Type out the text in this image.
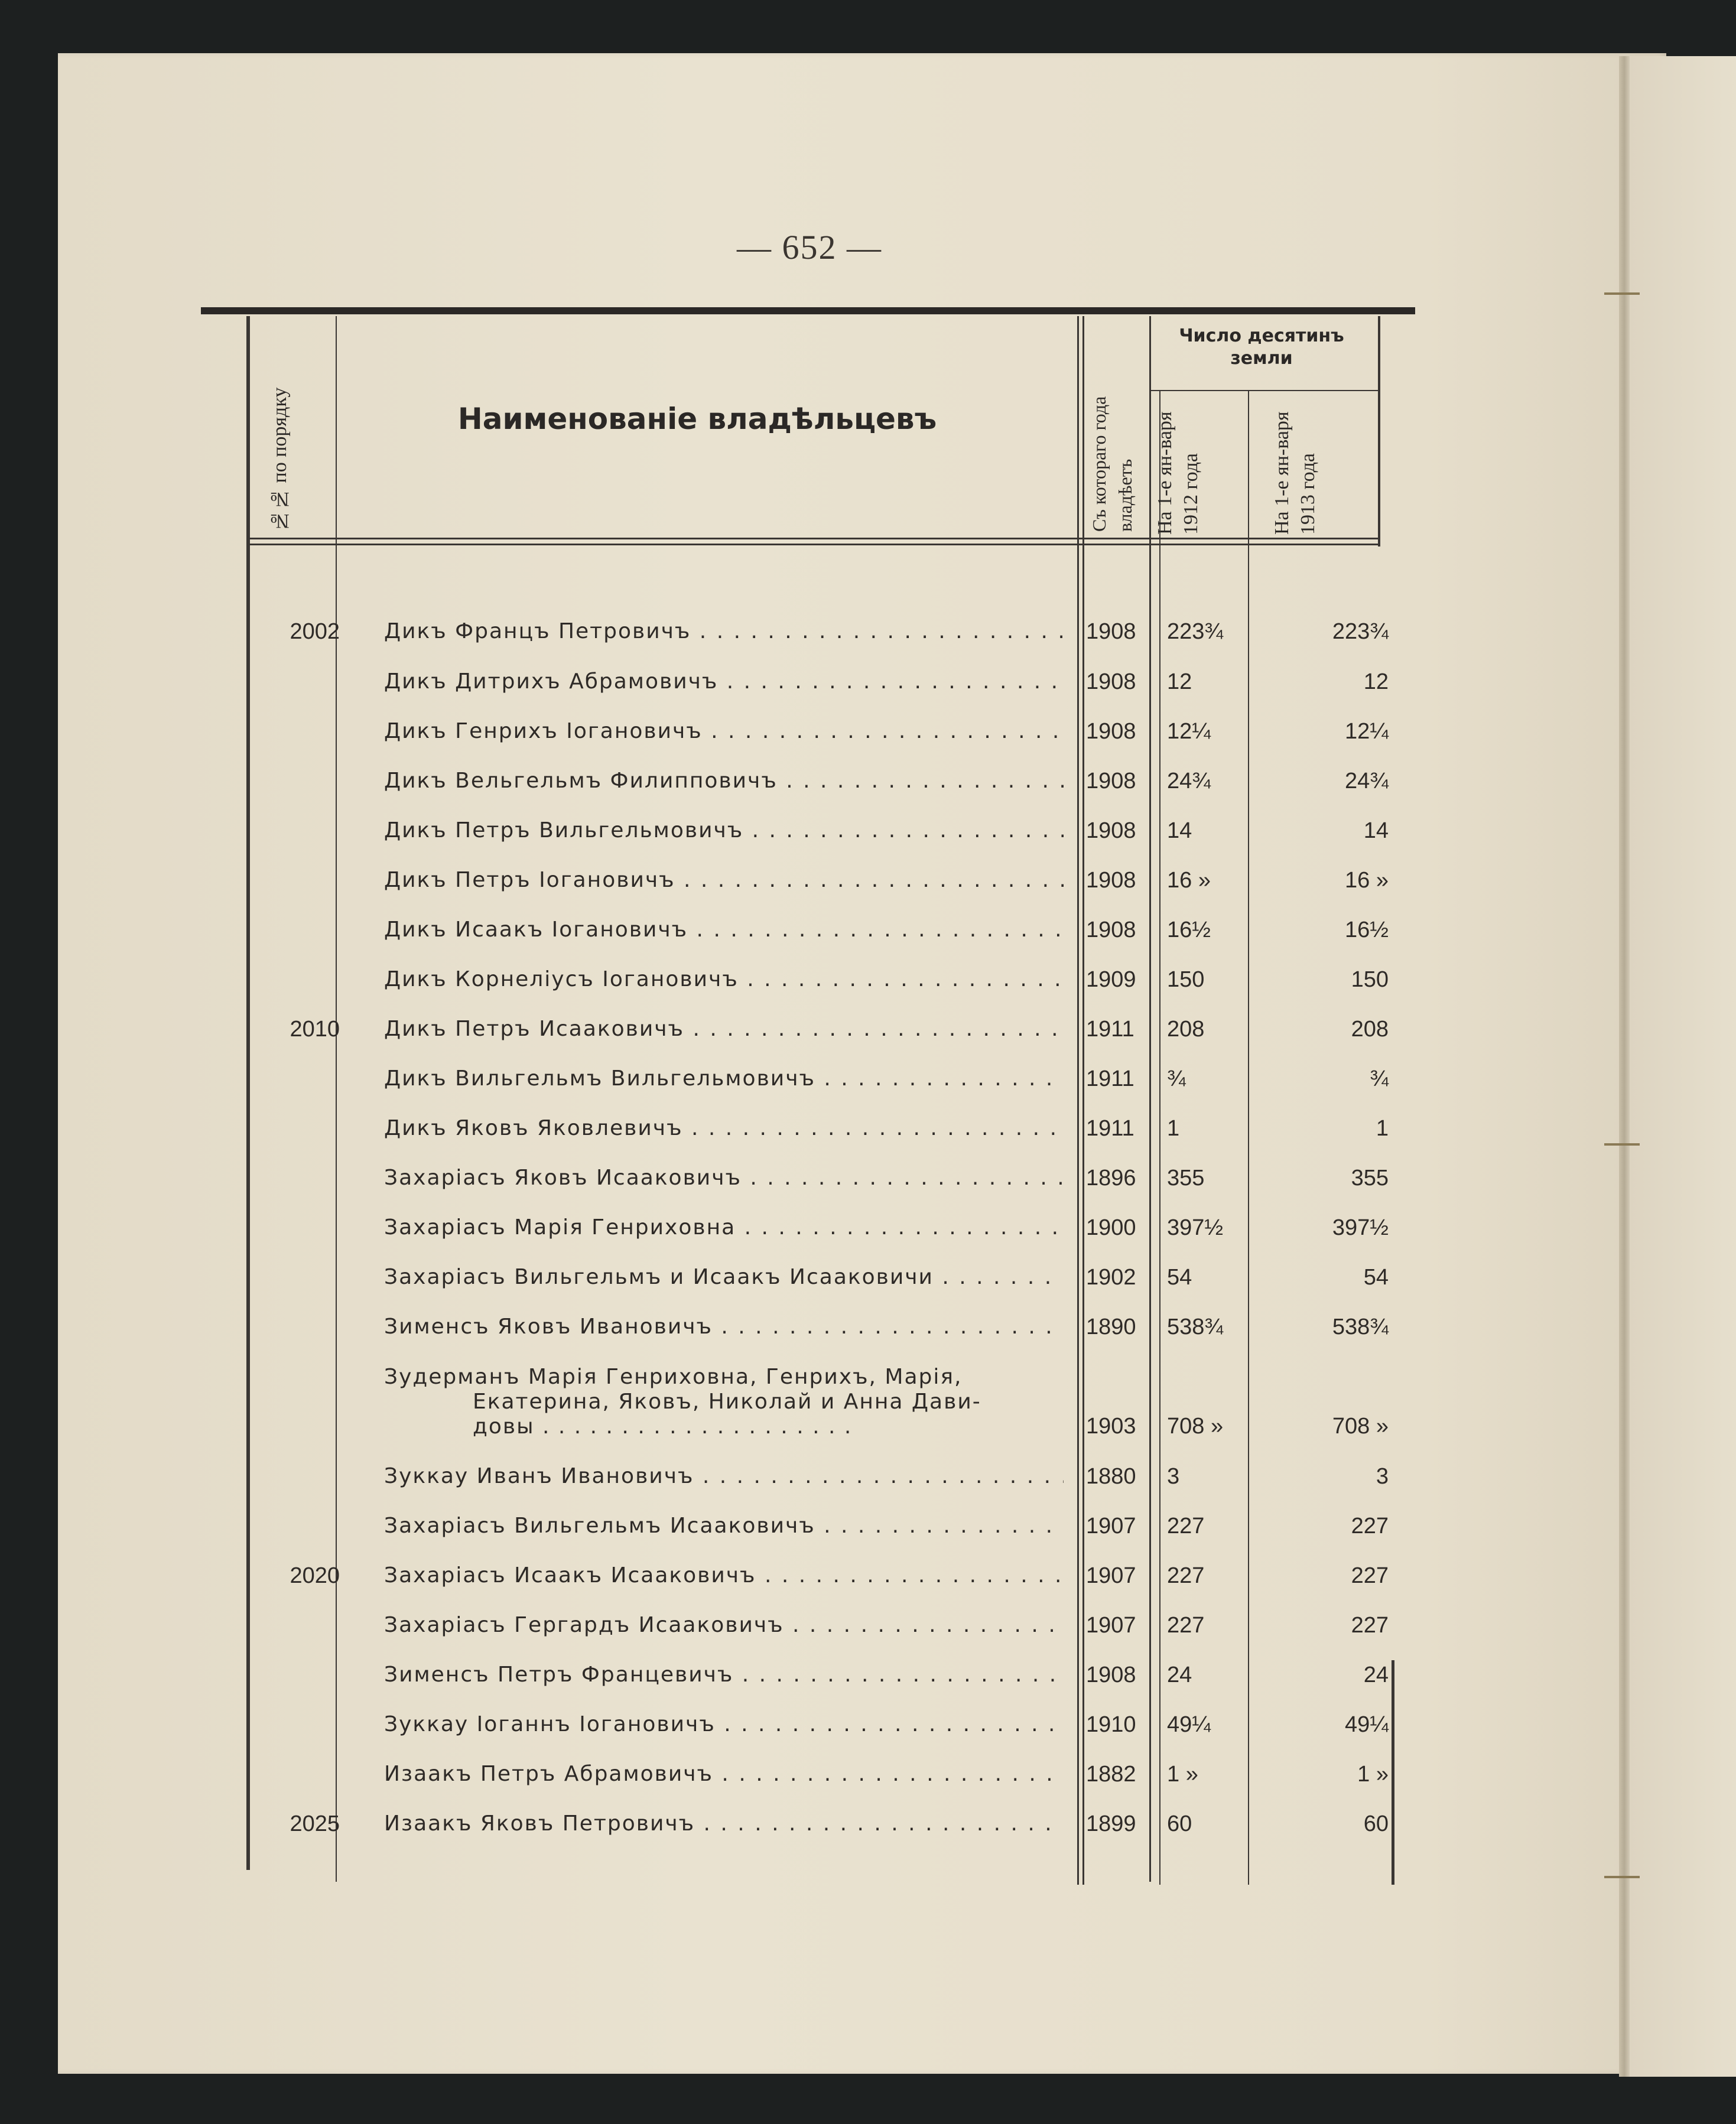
— 652 —
№№ по порядку	Наименованіе владѣльцевъ	Съ котораго года владѣетъ
Число десятинъ земли
На 1-е ян-варя 1912 года	На 1-е ян-варя 1913 года
2002 Дикъ Францъ Петровичъ . . .	1908	223¾	223¾
Дикъ Дитрихъ Абрамовичъ . . .	1908	12	12
Дикъ Генрихъ Іогановичъ . . .	1908	12¼	12¼
Дикъ Вельгельмъ Филипповичъ . . .	1908	24¾	24¾
Дикъ Петръ Вильгельмовичъ . . .	1908	14	14
Дикъ Петръ Іогановичъ . . .	1908	16 »	16 »
Дикъ Исаакъ Іогановичъ . . .	1908	16½	16½
Дикъ Корнеліусъ Іогановичъ . . .	1909	150	150
2010 Дикъ Петръ Исааковичъ . . .	1911	208	208
Дикъ Вильгельмъ Вильгельмовичъ . . .	1911	¾	¾
Дикъ Яковъ Яковлевичъ . . .	1911	1	1
Захаріасъ Яковъ Исааковичъ . . .	1896	355	355
Захаріасъ Марія Генриховна . . .	1900	397½	397½
Захаріасъ Вильгельмъ и Исаакъ Исааковичи . . .	1902	54	54
Зименсъ Яковъ Ивановичъ . . .	1890	538¾	538¾
Зудерманъ Марія Генриховна, Генрихъ, Марія,
Екатерина, Яковъ, Николай и Анна Дави-
довы . . . . . . . . . . . . . . . . . . . .	1903	708 »	708 »
Зуккау Иванъ Ивановичъ . . .	1880	3	3
Захаріасъ Вильгельмъ Исааковичъ . . .	1907	227	227
2020 Захаріасъ Исаакъ Исааковичъ . . .	1907	227	227
Захаріасъ Гергардъ Исааковичъ . . .	1907	227	227
Зименсъ Петръ Францевичъ . . .	1908	24	24
Зуккау Іоганнъ Іогановичъ . . .	1910	49¼	49¼
Изаакъ Петръ Абрамовичъ . . .	1882	1 »	1 »
2025 Изаакъ Яковъ Петровичъ . . .	1899	60	60
